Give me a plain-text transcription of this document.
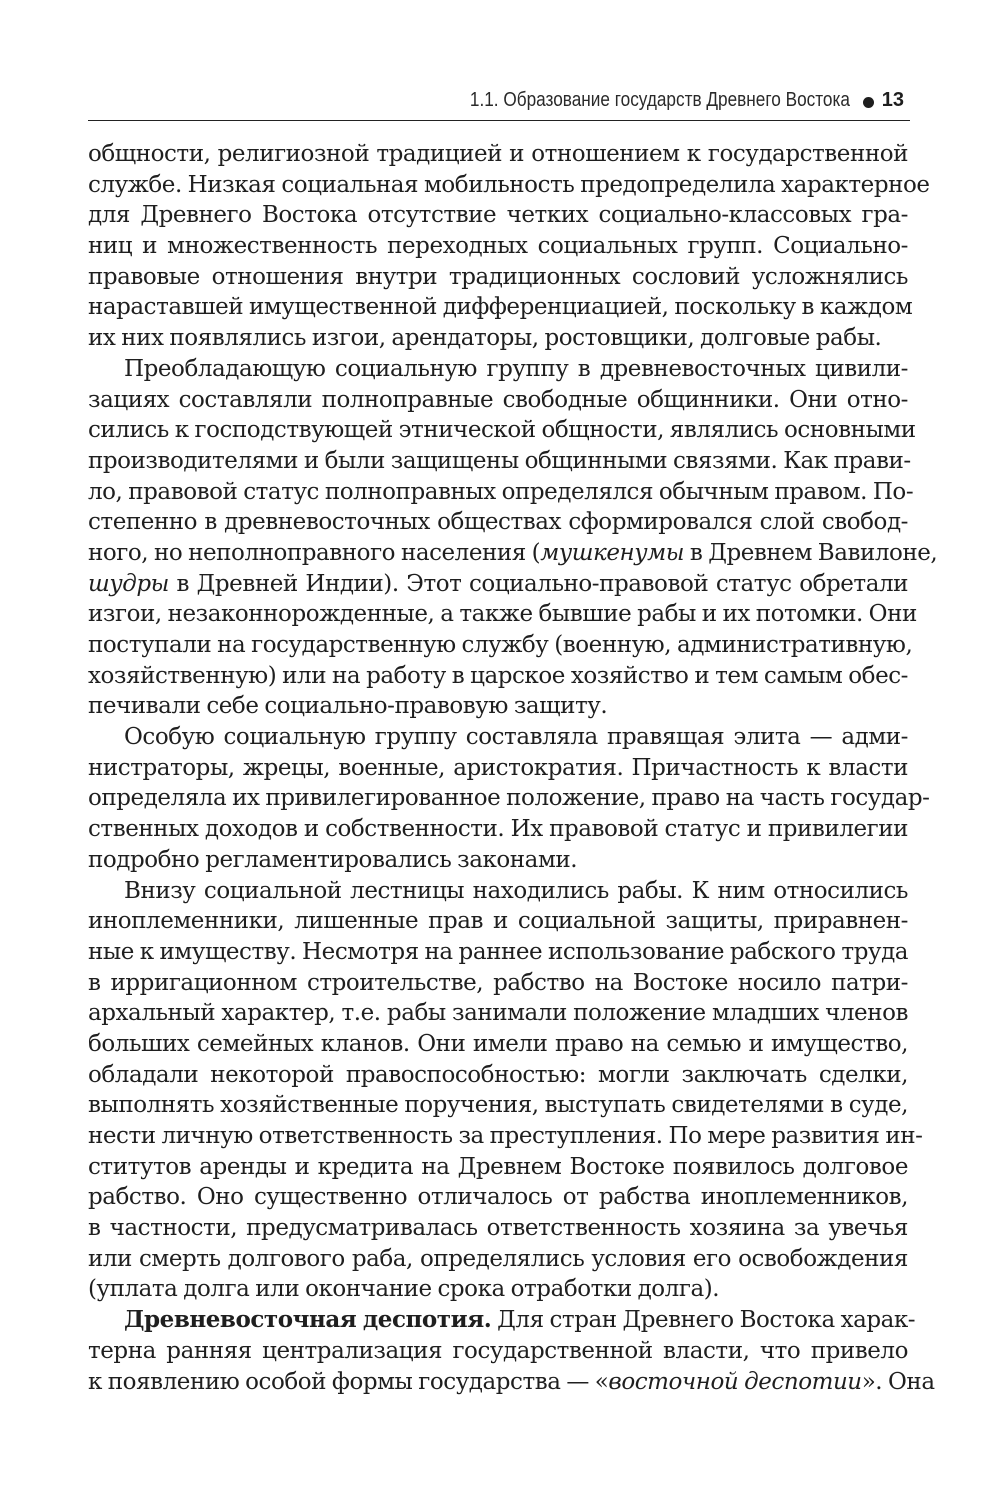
1.1. Образование государств Древнего Востока 13
общности, религиозной традицией и отношением к государственной
службе. Низкая социальная мобильность предопределила характерное
для Древнего Востока отсутствие четких социально-классовых гра-
ниц и множественность переходных социальных групп. Социально-
правовые отношения внутри традиционных сословий усложнялись
нараставшей имущественной дифференциацией, поскольку в каждом
их них появлялись изгои, арендаторы, ростовщики, долговые рабы.
Преобладающую социальную группу в древневосточных цивили-
зациях составляли полноправные свободные общинники. Они отно-
сились к господствующей этнической общности, являлись основными
производителями и были защищены общинными связями. Как прави-
ло, правовой статус полноправных определялся обычным правом. По-
степенно в древневосточных обществах сформировался слой свобод-
ного, но неполноправного населения (мушкенумы в Древнем Вавилоне,
шудры в Древней Индии). Этот социально-правовой статус обретали
изгои, незаконнорожденные, а также бывшие рабы и их потомки. Они
поступали на государственную службу (военную, административную,
хозяйственную) или на работу в царское хозяйство и тем самым обес-
печивали себе социально-правовую защиту.
Особую социальную группу составляла правящая элита — адми-
нистраторы, жрецы, военные, аристократия. Причастность к власти
определяла их привилегированное положение, право на часть государ-
ственных доходов и собственности. Их правовой статус и привилегии
подробно регламентировались законами.
Внизу социальной лестницы находились рабы. К ним относились
иноплеменники, лишенные прав и социальной защиты, приравнен-
ные к имуществу. Несмотря на раннее использование рабского труда
в ирригационном строительстве, рабство на Востоке носило патри-
архальный характер, т.е. рабы занимали положение младших членов
больших семейных кланов. Они имели право на семью и имущество,
обладали некоторой правоспособностью: могли заключать сделки,
выполнять хозяйственные поручения, выступать свидетелями в суде,
нести личную ответственность за преступления. По мере развития ин-
ститутов аренды и кредита на Древнем Востоке появилось долговое
рабство. Оно существенно отличалось от рабства иноплеменников,
в частности, предусматривалась ответственность хозяина за увечья
или смерть долгового раба, определялись условия его освобождения
(уплата долга или окончание срока отработки долга).
Древневосточная деспотия. Для стран Древнего Востока харак-
терна ранняя централизация государственной власти, что привело
к появлению особой формы государства — «восточной деспотии». Она
